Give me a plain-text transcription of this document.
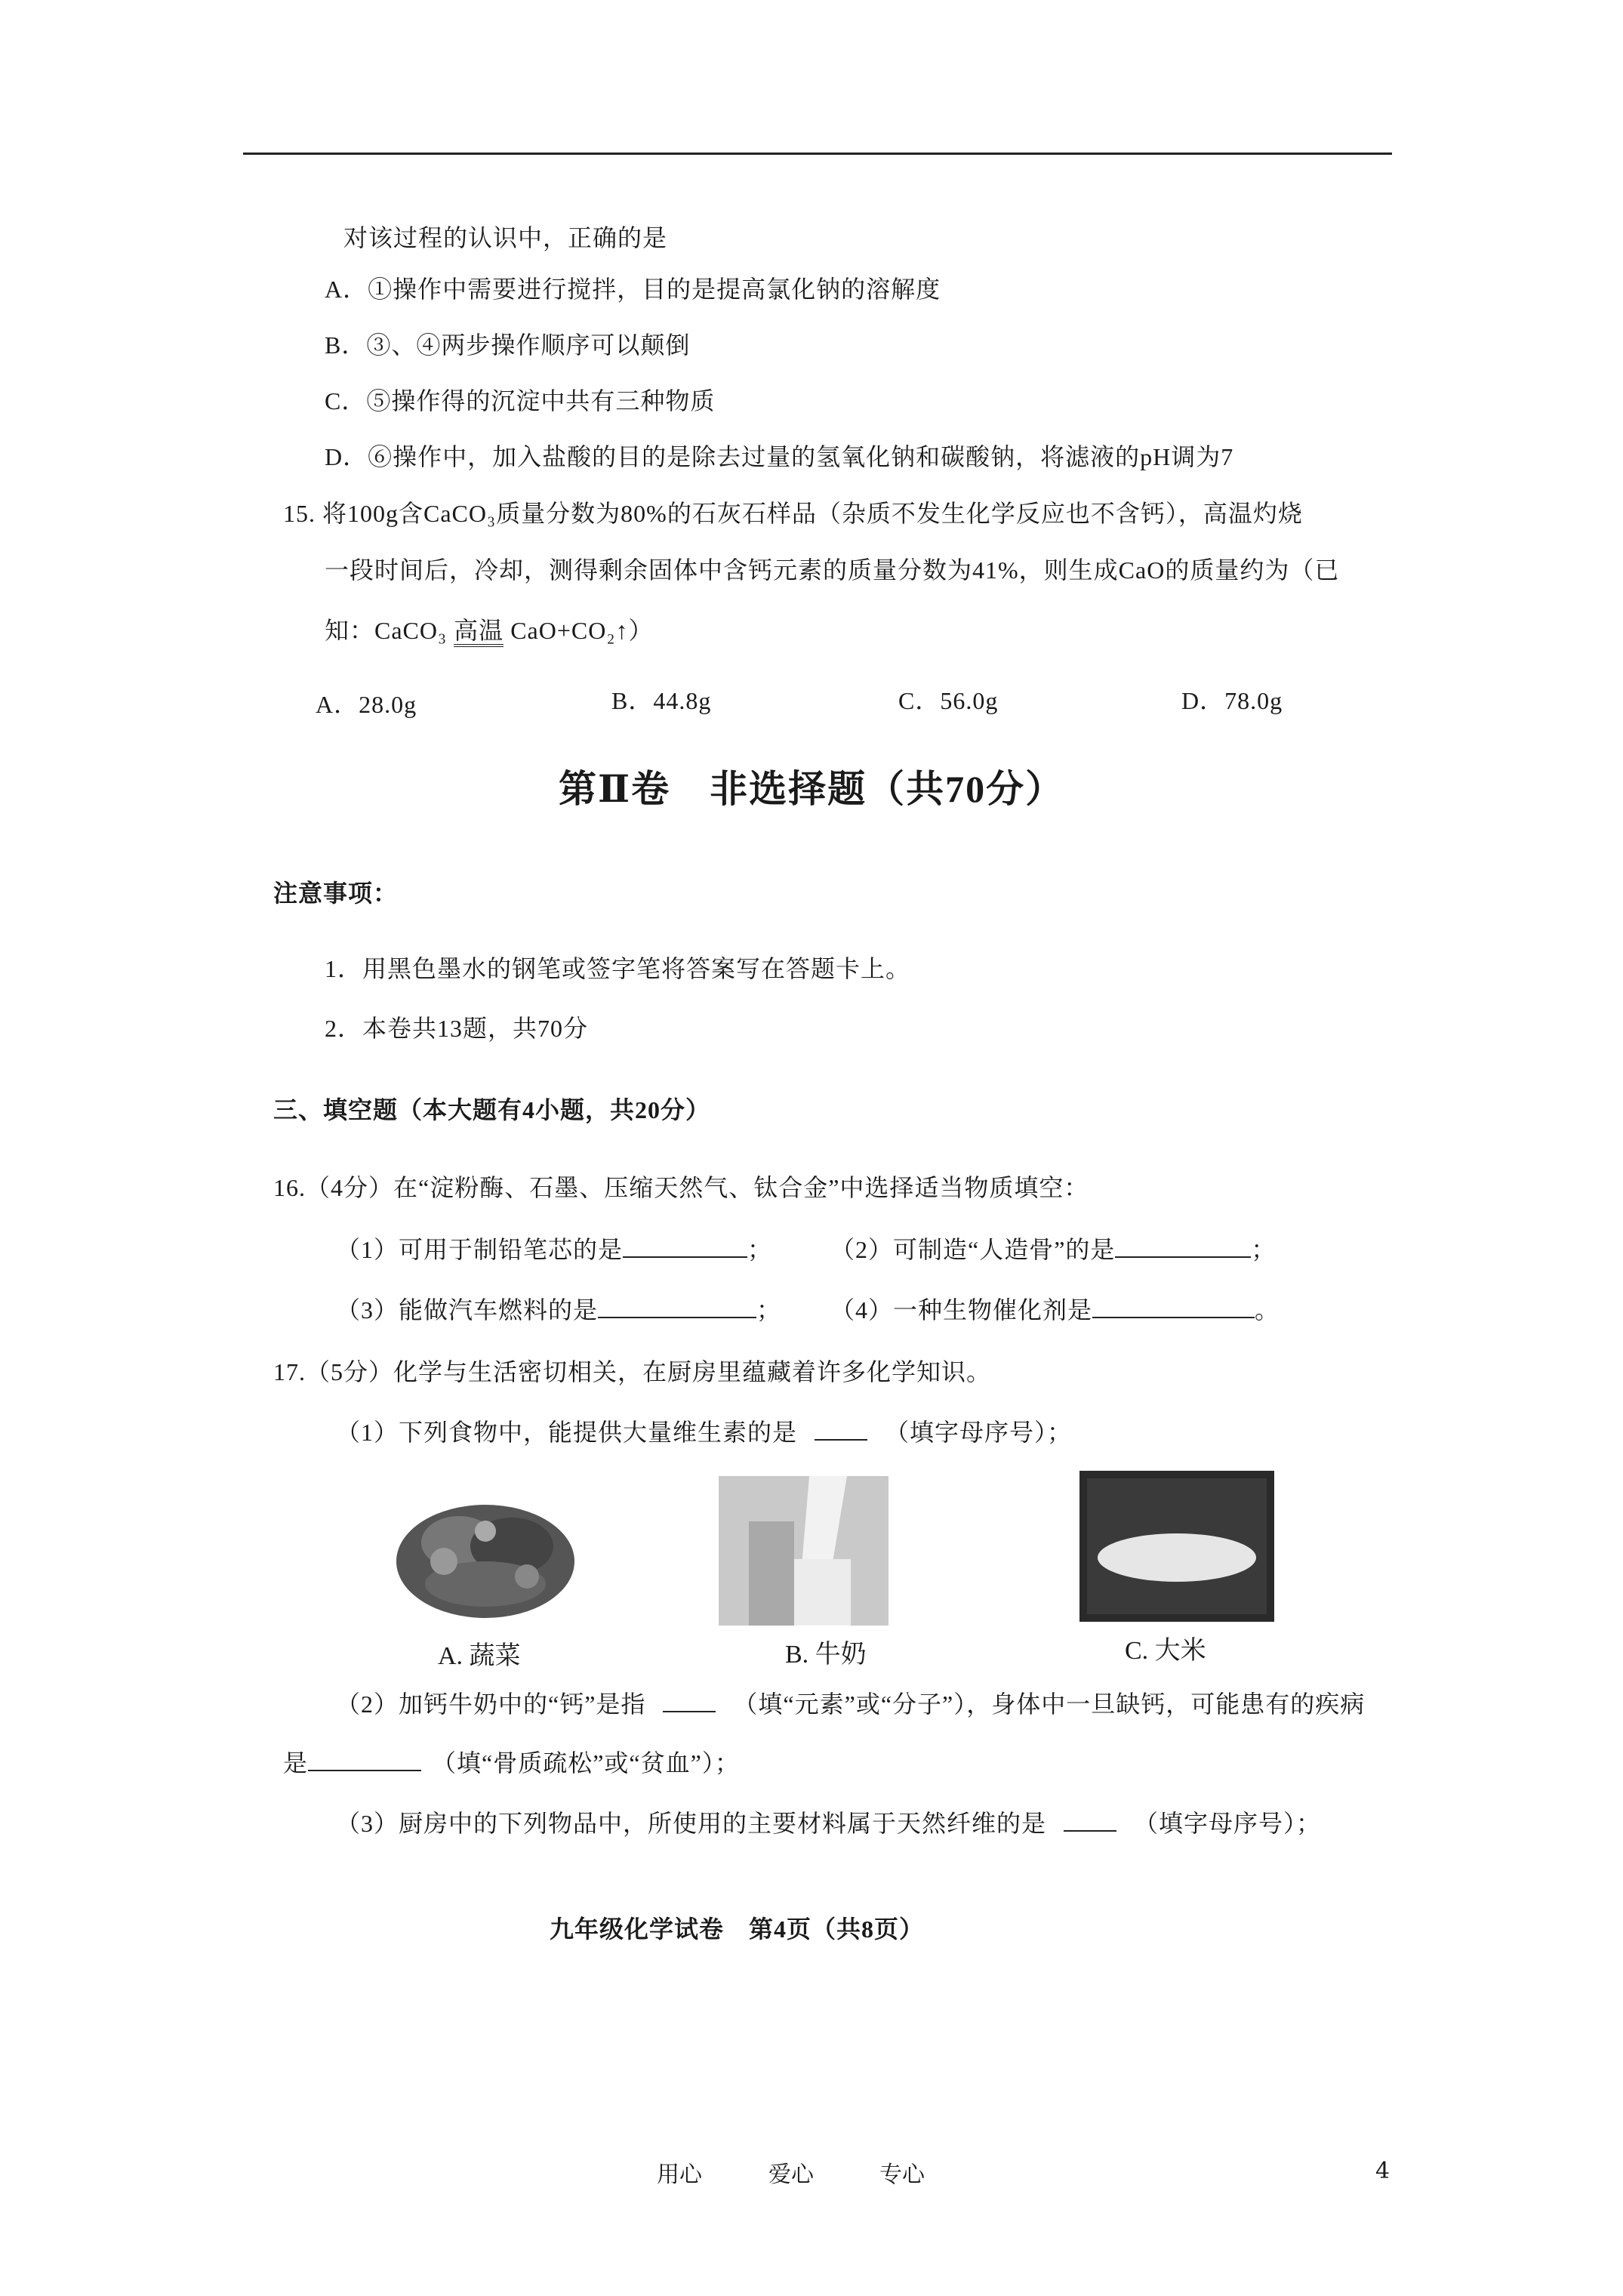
对该过程的认识中，正确的是
A．①操作中需要进行搅拌，目的是提高氯化钠的溶解度
B．③、④两步操作顺序可以颠倒
C．⑤操作得的沉淀中共有三种物质
D．⑥操作中，加入盐酸的目的是除去过量的氢氧化钠和碳酸钠，将滤液的pH调为7
15. 将100g含CaCO₃质量分数为80%的石灰石样品（杂质不发生化学反应也不含钙），高温灼烧
一段时间后，冷却，测得剩余固体中含钙元素的质量分数为41%，则生成CaO的质量约为（已
知：CaCO₃ 高温 CaO+CO₂↑）
A．28.0g	B．44.8g	C．56.0g	D．78.0g
第Ⅱ卷　非选择题（共70分）
注意事项：
1．用黑色墨水的钢笔或签字笔将答案写在答题卡上。
2．本卷共13题，共70分
三、填空题（本大题有4小题，共20分）
16.（4分）在“淀粉酶、石墨、压缩天然气、钛合金”中选择适当物质填空：
（1）可用于制铅笔芯的是	； （2）可制造“人造骨”的是	；
（3）能做汽车燃料的是	； （4）一种生物催化剂是	。
17.（5分）化学与生活密切相关，在厨房里蕴藏着许多化学知识。
（1）下列食物中，能提供大量维生素的是	（填字母序号）；
A. 蔬菜	B. 牛奶	C. 大米
（2）加钙牛奶中的“钙”是指	（填“元素”或“分子”），身体中一旦缺钙，可能患有的疾病
是	（填“骨质疏松”或“贫血”）；
（3）厨房中的下列物品中，所使用的主要材料属于天然纤维的是	（填字母序号）；
九年级化学试卷　第4页（共8页）
用心	爱心	专心	4
